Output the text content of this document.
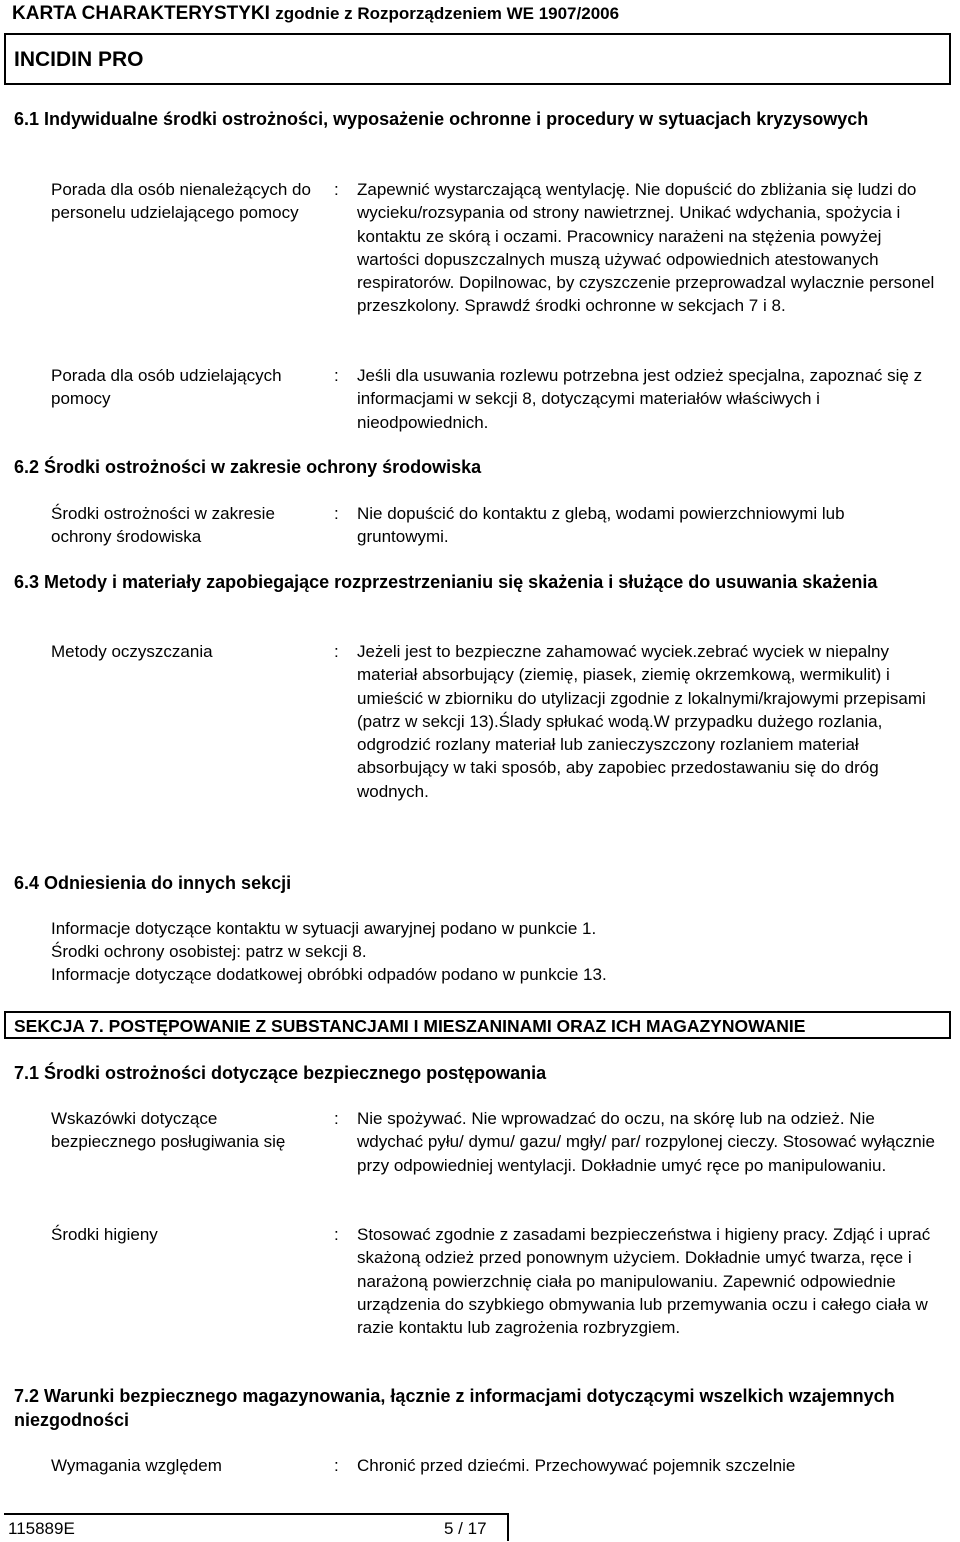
KARTA CHARAKTERYSTYKI zgodnie z Rozporządzeniem WE 1907/2006
INCIDIN PRO
6.1 Indywidualne środki ostrożności, wyposażenie ochronne i procedury w sytuacjach kryzysowych
Porada dla osób nienależących do personelu udzielającego pomocy
: Zapewnić wystarczającą wentylację. Nie dopuścić do zbliżania się ludzi do wycieku/rozsypania od strony nawietrznej. Unikać wdychania, spożycia i kontaktu ze skórą i oczami. Pracownicy narażeni na stężenia powyżej wartości dopuszczalnych muszą używać odpowiednich atestowanych respiratorów. Dopilnowac, by czyszczenie przeprowadzal wylacznie personel przeszkolony. Sprawdź środki ochronne w sekcjach 7 i 8.
Porada dla osób udzielających pomocy
: Jeśli dla usuwania rozlewu potrzebna jest odzież specjalna, zapoznać się z informacjami w sekcji 8, dotyczącymi materiałów właściwych i nieodpowiednich.
6.2 Środki ostrożności w zakresie ochrony środowiska
Środki ostrożności w zakresie ochrony środowiska
: Nie dopuścić do kontaktu z glebą, wodami powierzchniowymi lub gruntowymi.
6.3 Metody i materiały zapobiegające rozprzestrzenianiu się skażenia i służące do usuwania skażenia
Metody oczyszczania	: Jeżeli jest to bezpieczne zahamować wyciek.zebrać wyciek w niepalny materiał absorbujący (ziemię, piasek, ziemię okrzemkową, wermikulit) i umieścić w zbiorniku do utylizacji zgodnie z lokalnymi/krajowymi przepisami (patrz w sekcji 13).Ślady spłukać wodą.W przypadku dużego rozlania, odgrodzić rozlany materiał lub zanieczyszczony rozlaniem materiał absorbujący w taki sposób, aby zapobiec przedostawaniu się do dróg wodnych.
6.4 Odniesienia do innych sekcji
Informacje dotyczące kontaktu w sytuacji awaryjnej podano w punkcie 1.
Środki ochrony osobistej: patrz w sekcji 8.
Informacje dotyczące dodatkowej obróbki odpadów podano w punkcie 13.
SEKCJA 7. POSTĘPOWANIE Z SUBSTANCJAMI I MIESZANINAMI ORAZ ICH MAGAZYNOWANIE
7.1 Środki ostrożności dotyczące bezpiecznego postępowania
Wskazówki dotyczące bezpiecznego posługiwania się
: Nie spożywać. Nie wprowadzać do oczu, na skórę lub na odzież. Nie wdychać pyłu/ dymu/ gazu/ mgły/ par/ rozpylonej cieczy. Stosować wyłącznie przy odpowiedniej wentylacji. Dokładnie umyć ręce po manipulowaniu.
Środki higieny	: Stosować zgodnie z zasadami bezpieczeństwa i higieny pracy. Zdjąć i uprać skażoną odzież przed ponownym użyciem. Dokładnie umyć twarza, ręce i narażoną powierzchnię ciała po manipulowaniu. Zapewnić odpowiednie urządzenia do szybkiego obmywania lub przemywania oczu i całego ciała w razie kontaktu lub zagrożenia rozbryzgiem.
7.2 Warunki bezpiecznego magazynowania, łącznie z informacjami dotyczącymi wszelkich wzajemnych niezgodności
Wymagania względem	: Chronić przed dziećmi. Przechowywać pojemnik szczelnie
115889E	5 / 17
